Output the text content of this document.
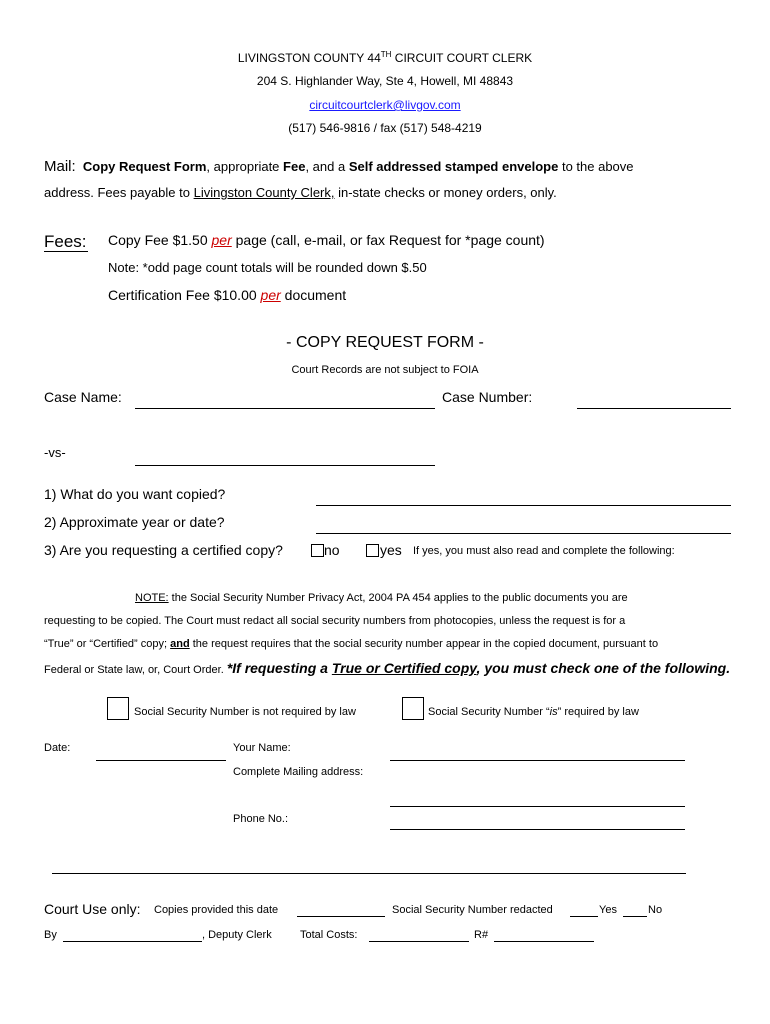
LIVINGSTON COUNTY 44TH CIRCUIT COURT CLERK
204 S. Highlander Way, Ste 4, Howell, MI 48843
circuitcourtclerk@livgov.com
(517) 546-9816 / fax (517) 548-4219
Mail: Copy Request Form, appropriate Fee, and a Self addressed stamped envelope to the above
address. Fees payable to Livingston County Clerk, in-state checks or money orders, only.
Fees: Copy Fee $1.50 per page (call, e-mail, or fax Request for *page count)
Note: *odd page count totals will be rounded down $.50
Certification Fee $10.00 per document
- COPY REQUEST FORM -
Court Records are not subject to FOIA
Case Name:	Case Number:
-vs-
1) What do you want copied?
2) Approximate year or date?
3) Are you requesting a certified copy?	no	yes If yes, you must also read and complete the following:
NOTE: the Social Security Number Privacy Act, 2004 PA 454 applies to the public documents you are
requesting to be copied. The Court must redact all social security numbers from photocopies, unless the request is for a
“True” or “Certified” copy; and the request requires that the social security number appear in the copied document, pursuant to
Federal or State law, or, Court Order. *If requesting a True or Certified copy, you must check one of the following.
Social Security Number is not required by law	Social Security Number “is” required by law
Date:	Your Name:
Complete Mailing address:
Phone No.:
Court Use only: Copies provided this date	Social Security Number redacted	Yes	No
By	, Deputy Clerk	Total Costs:	R#
